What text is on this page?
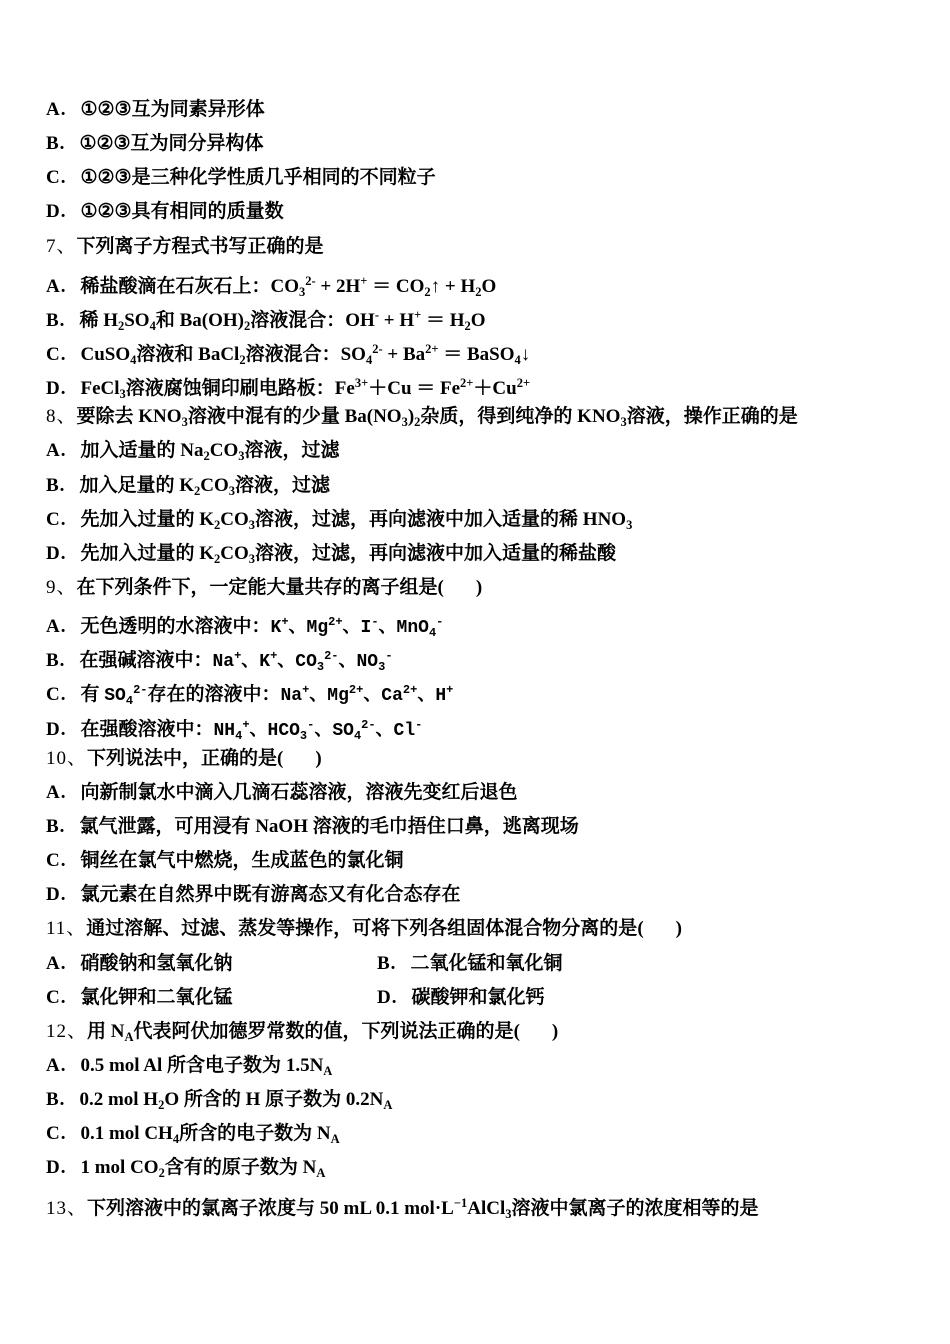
A. ①②③互为同素异形体
B. ①②③互为同分异构体
C. ①②③是三种化学性质几乎相同的不同粒子
D. ①②③具有相同的质量数
7、下列离子方程式书写正确的是
A. 稀盐酸滴在石灰石上：$CO_3^{2-} + 2H^+$ ＝ $CO_2↑ + H_2O$
B. 稀 $H_2SO_4$和 $Ba(OH)_2$溶液混合：$OH^- + H^+ = H_2O$
C. CuSO$_4$溶液和 BaCl$_2$溶液混合：$SO_4^{2-} + Ba^{2+}$ ＝ BaSO$_4$↓
D. FeCl$_3$溶液腐蚀铜印刷电路板：$Fe^{3+}+Cu = Fe^{2+}+Cu^{2+}$
8、要除去 $KNO_3$溶液中混有的少量 $Ba(NO_3)_2$杂质，得到纯净的 $KNO_3$溶液，操作正确的是
A. 加入适量的 $Na_2CO_3$溶液，过滤
B. 加入足量的 $K_2CO_3$溶液，过滤
C. 先加入过量的 $K_2CO_3$溶液，过滤，再向滤液中加入适量的稀 $HNO_3$
D. 先加入过量的 $K_2CO_3$溶液，过滤，再向滤液中加入适量的稀盐酸
9、在下列条件下，一定能大量共存的离子组是( )
A. 无色透明的水溶液中：K+、$Mg^{2+}$、I-、MnO$_4$-
B. 在强碱溶液中：Na+、K+、$CO_3^{2-}$、$NO_3^-$
C. 有 $SO_4^{2-}$存在的溶液中：Na+、$Mg^{2+}$、$Ca^{2+}$、H+
D. 在强酸溶液中：$NH_4^+$、$HCO_3^-$、$SO_4^{2-}$、Cl-
10、下列说法中，正确的是( )
A. 向新制氯水中滴入几滴石蕊溶液，溶液先变红后退色
B. 氯气泄露，可用浸有 NaOH 溶液的毛巾捂住口鼻，逃离现场
C. 铜丝在氯气中燃烧，生成蓝色的氯化铜
D. 氯元素在自然界中既有游离态又有化合态存在
11、通过溶解、过滤、蒸发等操作，可将下列各组固体混合物分离的是( )
A. 硝酸钠和氢氧化钠	B. 二氧化锰和氧化铜
C. 氯化钾和二氧化锰	D. 碳酸钾和氯化钙
12、用 $N_A$代表阿伏加德罗常数的值，下列说法正确的是( )
A. 0.5 mol Al 所含电子数为 $1.5N_A$
B. 0.2 mol $H_2O$ 所含的 H 原子数为 $0.2N_A$
C. 0.1 mol $CH_4$所含的电子数为 $N_A$
D. 1 mol $CO_2$含有的原子数为 $N_A$
13、下列溶液中的氯离子浓度与 50 mL 0.1 $mol\cdot L^{-1}AlCl_3$溶液中氯离子的浓度相等的是
